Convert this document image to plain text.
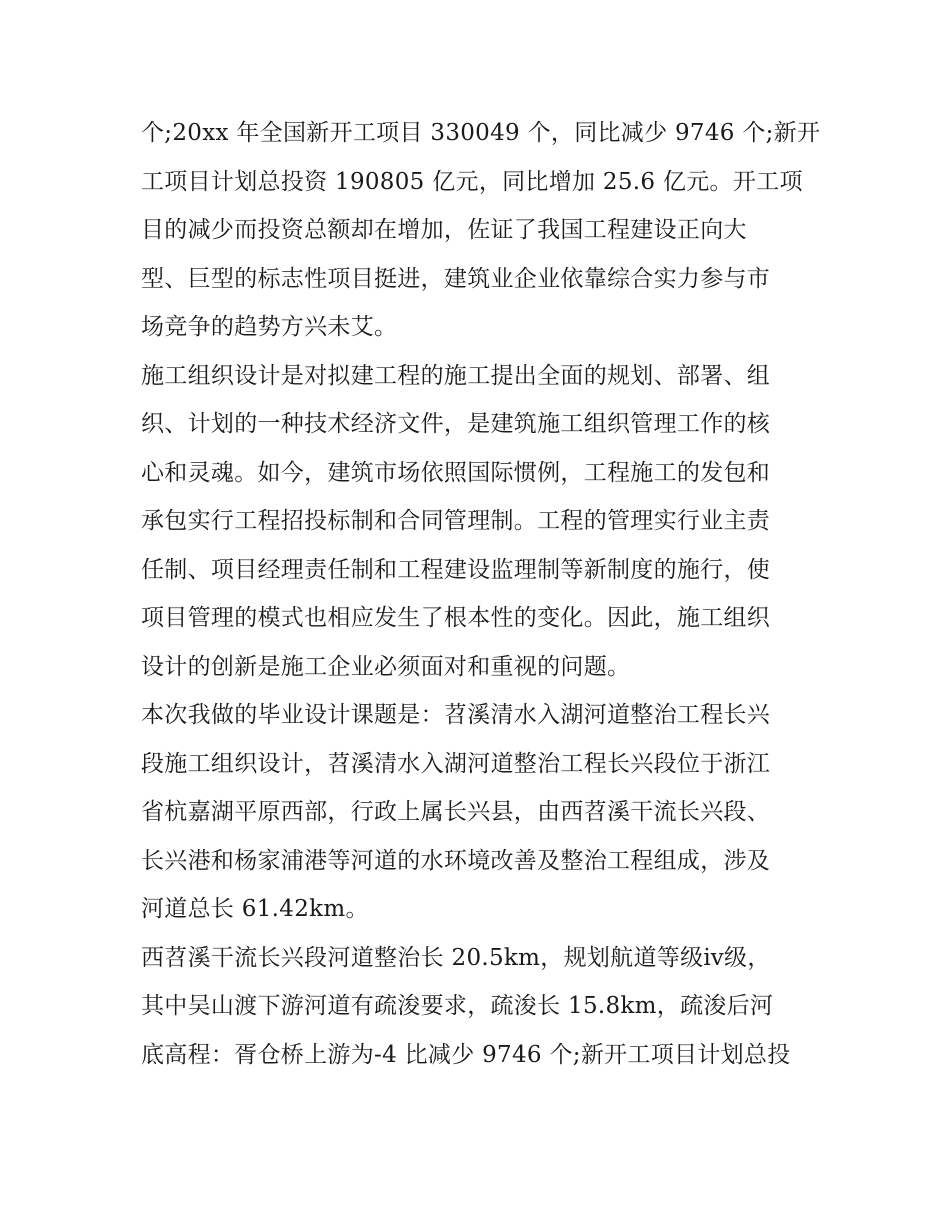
个;20xx 年全国新开工项目 330049 个，同比减少 9746 个;新开
工项目计划总投资 190805 亿元，同比增加 25.6 亿元。开工项
目的减少而投资总额却在增加，佐证了我国工程建设正向大
型、巨型的标志性项目挺进，建筑业企业依靠综合实力参与市
场竞争的趋势方兴未艾。
施工组织设计是对拟建工程的施工提出全面的规划、部署、组
织、计划的一种技术经济文件，是建筑施工组织管理工作的核
心和灵魂。如今，建筑市场依照国际惯例，工程施工的发包和
承包实行工程招投标制和合同管理制。工程的管理实行业主责
任制、项目经理责任制和工程建设监理制等新制度的施行，使
项目管理的模式也相应发生了根本性的变化。因此，施工组织
设计的创新是施工企业必须面对和重视的问题。
本次我做的毕业设计课题是：苕溪清水入湖河道整治工程长兴
段施工组织设计，苕溪清水入湖河道整治工程长兴段位于浙江
省杭嘉湖平原西部，行政上属长兴县，由西苕溪干流长兴段、
长兴港和杨家浦港等河道的水环境改善及整治工程组成，涉及
河道总长 61.42km。
西苕溪干流长兴段河道整治长 20.5km，规划航道等级ⅳ级，
其中吴山渡下游河道有疏浚要求，疏浚长 15.8km，疏浚后河
底高程：胥仓桥上游为-4 比减少 9746 个;新开工项目计划总投
